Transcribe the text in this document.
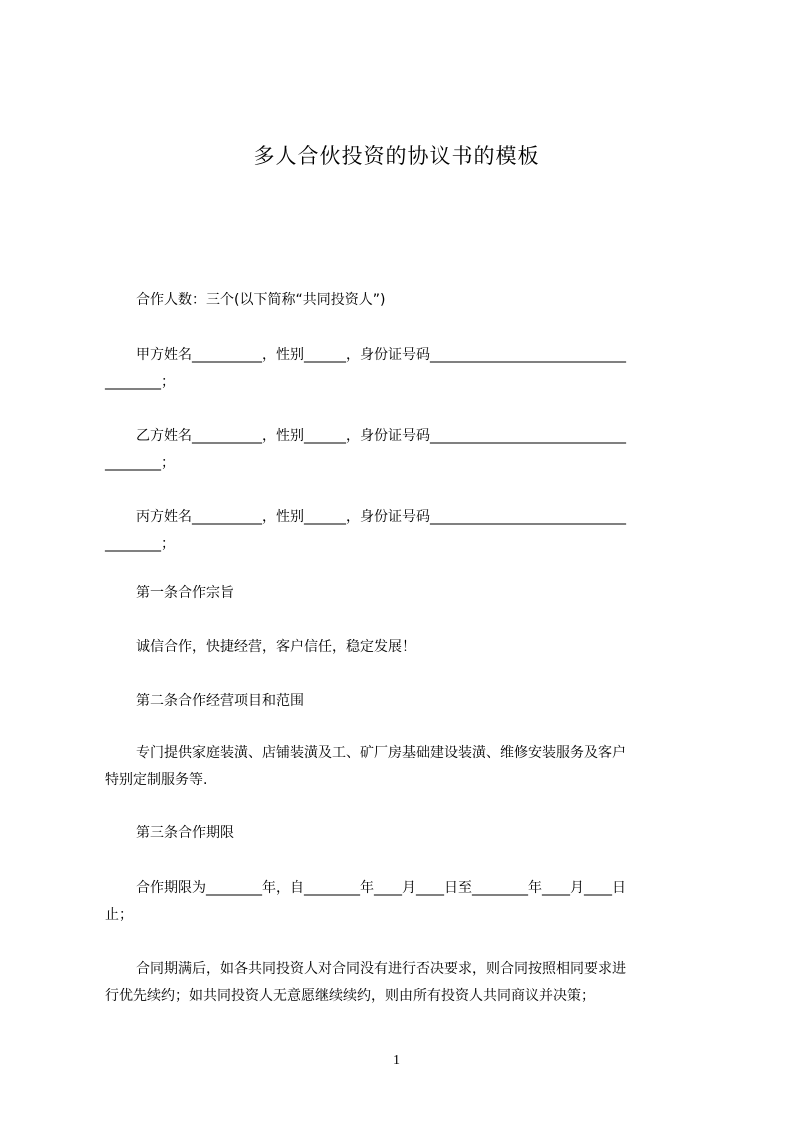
多人合伙投资的协议书的模板
合作人数：三个(以下简称“共同投资人”)
甲方姓名__________，性别______，身份证号码____________________________
________；
乙方姓名__________，性别______，身份证号码____________________________
________；
丙方姓名__________，性别______，身份证号码____________________________
________；
第一条合作宗旨
诚信合作，快捷经营，客户信任，稳定发展！
第二条合作经营项目和范围
专门提供家庭装潢、店铺装潢及工、矿厂房基础建设装潢、维修安装服务及客户
特别定制服务等.
第三条合作期限
合作期限为________年，自________年____月____日至________年____月____日
止；
合同期满后，如各共同投资人对合同没有进行否决要求，则合同按照相同要求进
行优先续约；如共同投资人无意愿继续续约，则由所有投资人共同商议并决策；
1
